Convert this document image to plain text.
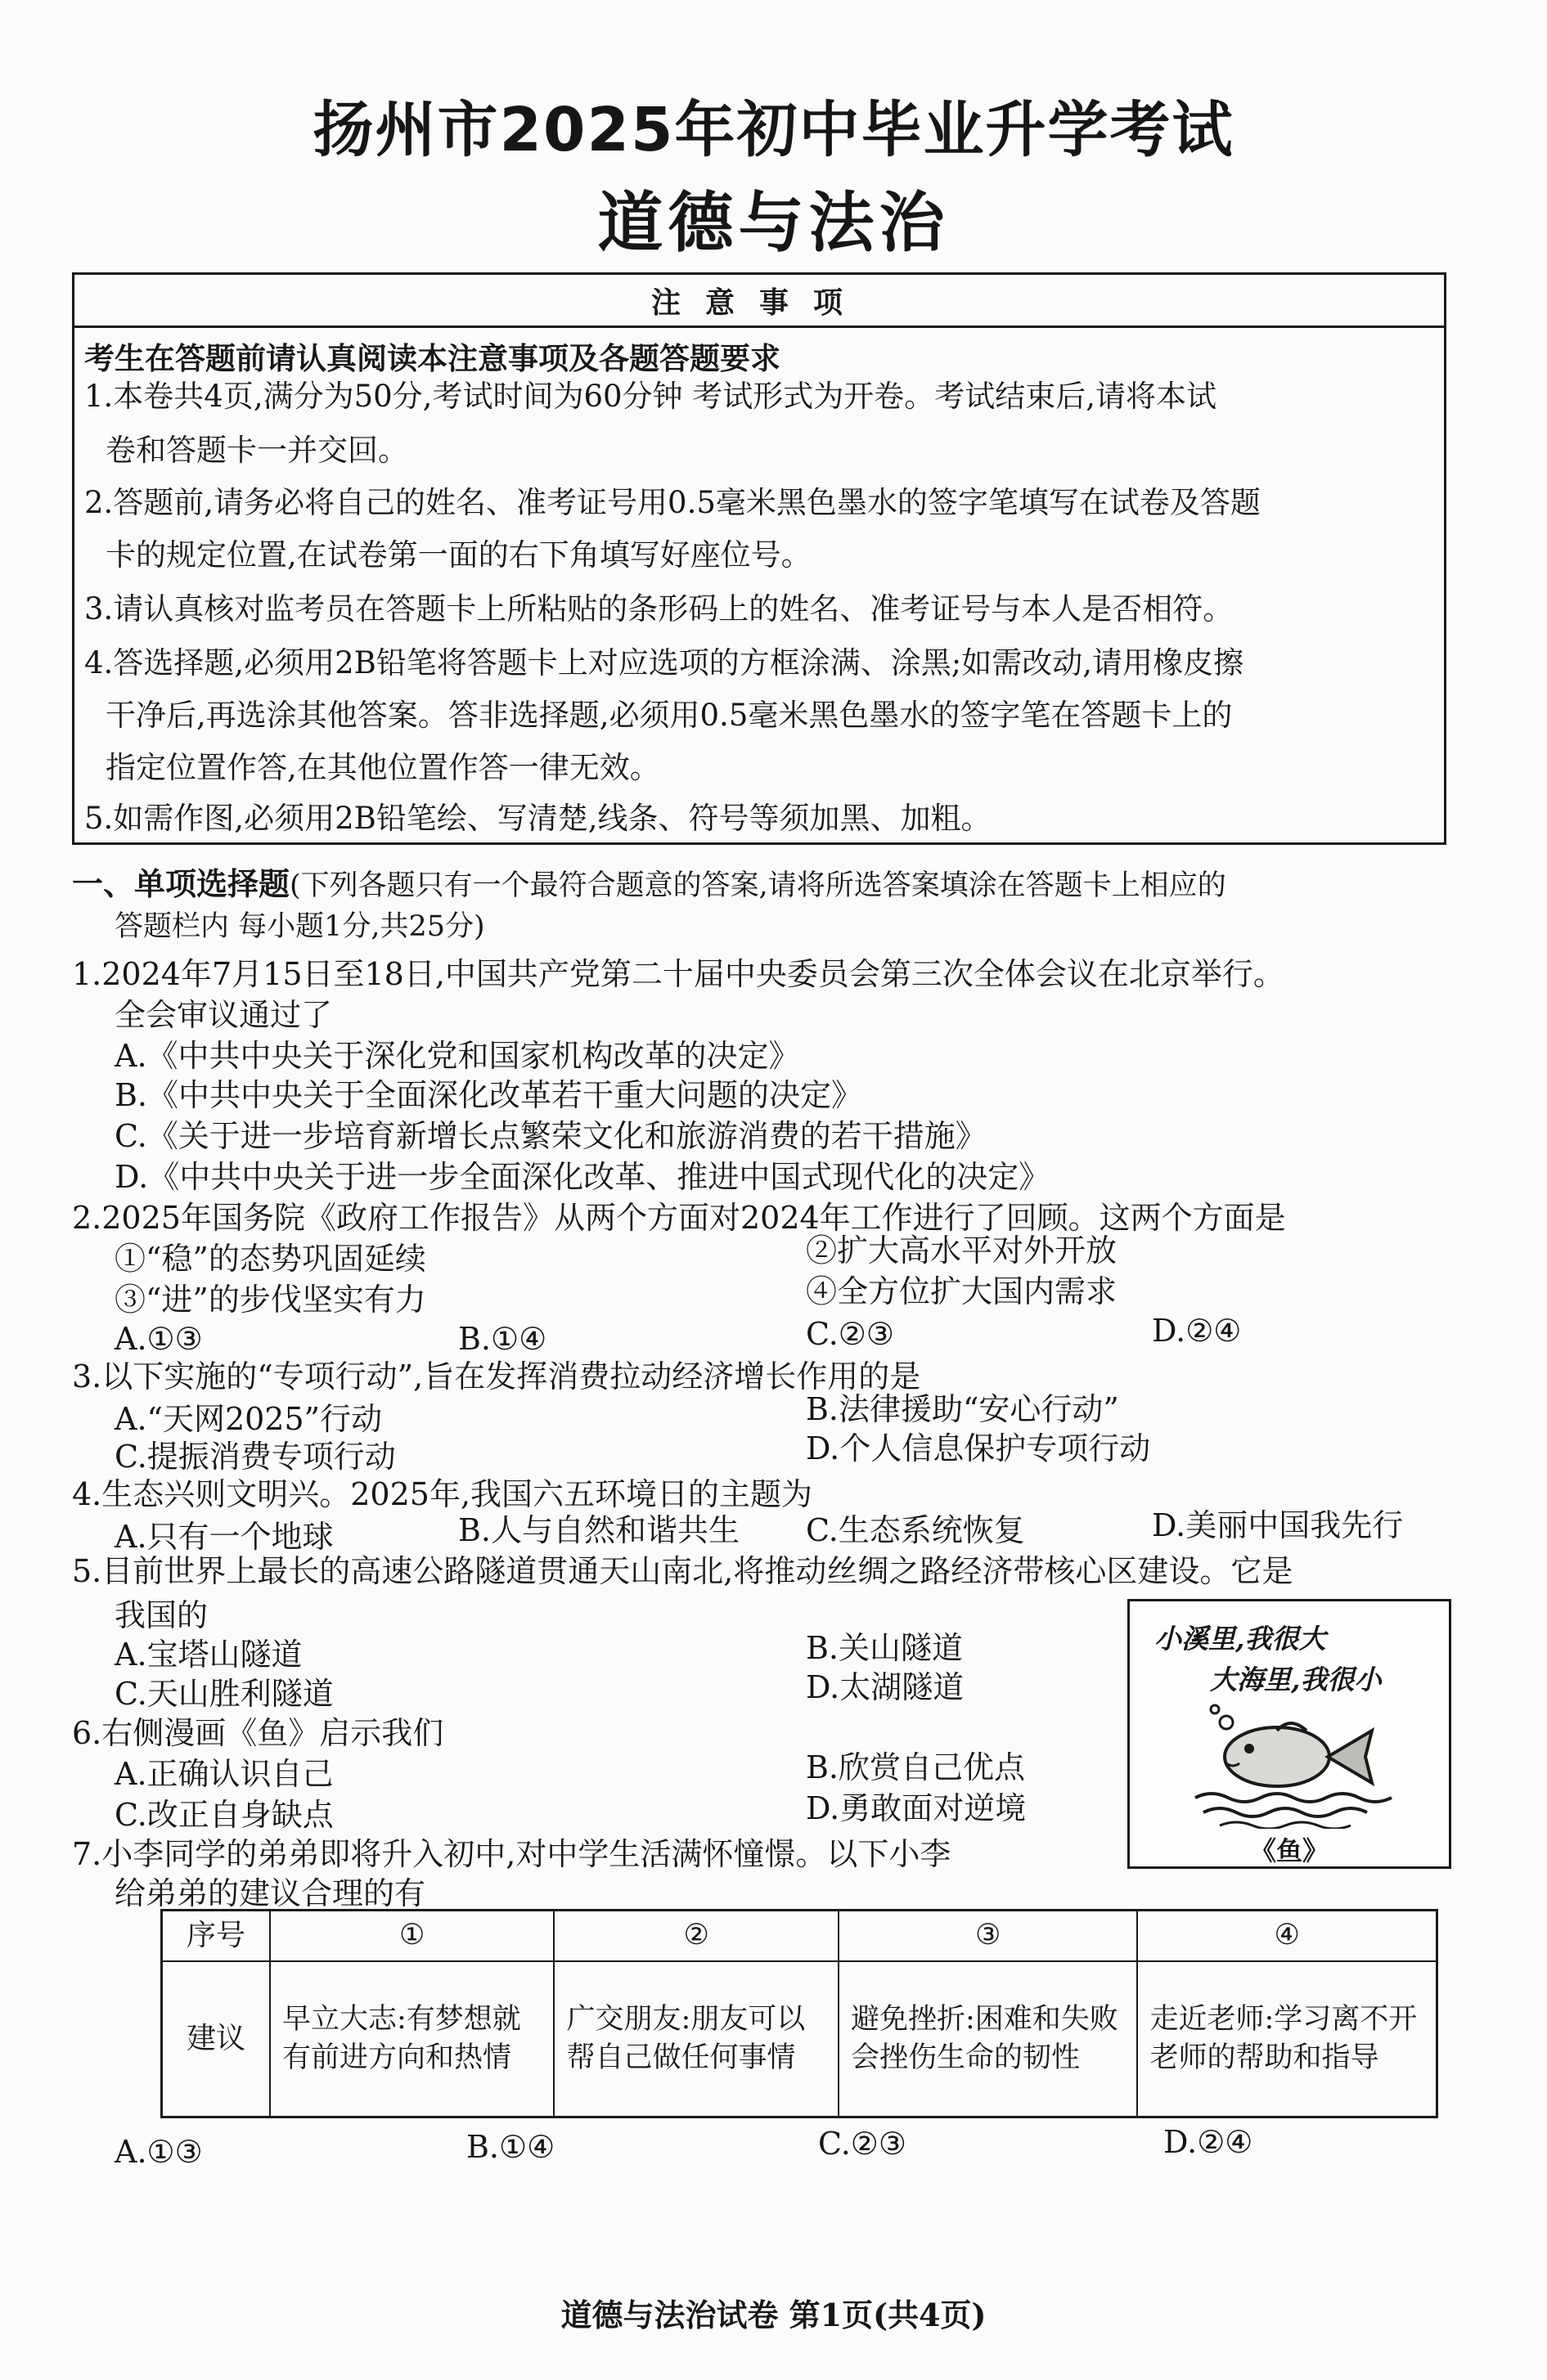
扬州市2025年初中毕业升学考试
道德与法治
注意事项
考生在答题前请认真阅读本注意事项及各题答题要求
1.本卷共4页,满分为50分,考试时间为60分钟 考试形式为开卷。考试结束后,请将本试
卷和答题卡一并交回。
2.答题前,请务必将自己的姓名、准考证号用0.5毫米黑色墨水的签字笔填写在试卷及答题
卡的规定位置,在试卷第一面的右下角填写好座位号。
3.请认真核对监考员在答题卡上所粘贴的条形码上的姓名、准考证号与本人是否相符。
4.答选择题,必须用2B铅笔将答题卡上对应选项的方框涂满、涂黑;如需改动,请用橡皮擦
干净后,再选涂其他答案。答非选择题,必须用0.5毫米黑色墨水的签字笔在答题卡上的
指定位置作答,在其他位置作答一律无效。
5.如需作图,必须用2B铅笔绘、写清楚,线条、符号等须加黑、加粗。
一、单项选择题(下列各题只有一个最符合题意的答案,请将所选答案填涂在答题卡上相应的
答题栏内 每小题1分,共25分)
1.2024年7月15日至18日,中国共产党第二十届中央委员会第三次全体会议在北京举行。
全会审议通过了
A.《中共中央关于深化党和国家机构改革的决定》
B.《中共中央关于全面深化改革若干重大问题的决定》
C.《关于进一步培育新增长点繁荣文化和旅游消费的若干措施》
D.《中共中央关于进一步全面深化改革、推进中国式现代化的决定》
2.2025年国务院《政府工作报告》从两个方面对2024年工作进行了回顾。这两个方面是
①“稳”的态势巩固延续	②扩大高水平对外开放
③“进”的步伐坚实有力	④全方位扩大国内需求
A.①③	B.①④	C.②③	D.②④
3.以下实施的“专项行动”,旨在发挥消费拉动经济增长作用的是
A.“天网2025”行动	B.法律援助“安心行动”
C.提振消费专项行动	D.个人信息保护专项行动
4.生态兴则文明兴。2025年,我国六五环境日的主题为
A.只有一个地球	B.人与自然和谐共生 C.生态系统恢复	D.美丽中国我先行
5.目前世界上最长的高速公路隧道贯通天山南北,将推动丝绸之路经济带核心区建设。它是
我国的
A.宝塔山隧道	B.关山隧道
C.天山胜利隧道	D.太湖隧道
6.右侧漫画《鱼》启示我们
A.正确认识自己	B.欣赏自己优点
C.改正自身缺点	D.勇敢面对逆境
小溪里,我很大
大海里,我很小
《鱼》
7.小李同学的弟弟即将升入初中,对中学生活满怀憧憬。以下小李
给弟弟的建议合理的有
序号	①	②	③	④
建议	早立大志:有梦想就有前进方向和热情	广交朋友:朋友可以帮自己做任何事情	避免挫折:困难和失败会挫伤生命的韧性	走近老师:学习离不开老师的帮助和指导
A.①③	B.①④	C.②③	D.②④
道德与法治试卷 第1页(共4页)
